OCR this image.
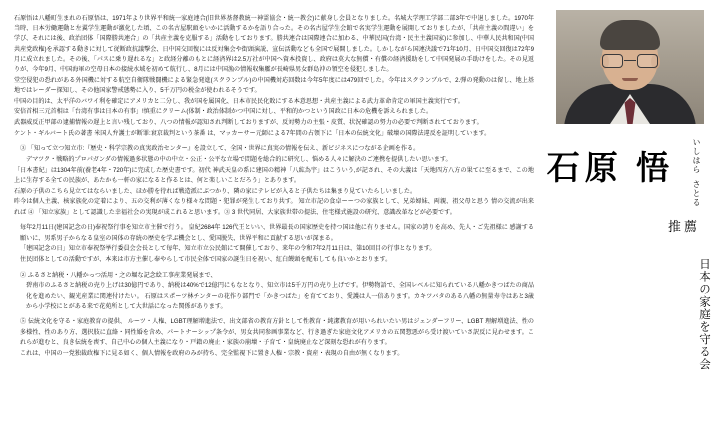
石原悟は八幡町生まれの石原悟は、1971年より世界平和統一家庭連合(旧世界基督教統一神霊協会・統一教会)に献身し会員となりました。名城大学理工学部二部3年で中退しました。1970年当時、日本労働運動と左翼学生運動が激化した頃、この名古屋駅頭をいかに活動するかを語り合った。その名古屋学生会館で名実学生運動を展開しておりましたが、「共産主義の間違い」を学び、それには後、政治団体「国際勝共連合」の「共産主義を克服する」活動をしております。勝共連合は国際連合に加わる、中華民国(台湾・民主主義国家)に参加し、中華人民共和国(中国共産党政権)を承認する動きに対して従断政抗議撃会、日中国交回復には反対集会や街頭演説、宣伝活動なども全国で展開しました。しかしながら国連決議で71年10月、日中国交回復は72年9月に成立れました。その後、「パスに乗り遅れるな」と政経分離のもとに経済界は2.5万社が中国へ資本投資し、政府は莫大な無償・有償の経済援助をして中国発展の手助けをした。その見返りが、今年9月、中国海軍の空母日本の接続水域を初めて航行し、8月には中国漁の情報収集艦が長崎県男女群島沖の領空を侵犯しました。

堂空侵犯の恐れがある外国機に対する航空自衛隊戦闘機による緊急発進(スクランブル)の中国機対応回数は今年5年度には479回でした。今年はスクランブルで、2.弾の発動のは留し、地上基地ではレーダー探知し、その他国家警戒態勢に入り、5千万円の税金が使われるそうです。

中国の目的は、太平洋のバワイ利を確定にアメリカと二分し、我が国を属国化、日本市民民化敗にする本意思想・共産主義による武力革命肯定の軍国主義実行です。

安倍首相三元首相は「台湾有事は日本の有事」!慎重にクリーム(体制・政治体制かつ中国に対し、平和的かつという国政に日本の危機を訴えられました。

武器威反正甲部の逮捕情報の遅上と言い残しており、八つの情報が認知され判断しておりますが、反対勢力の主張・皮質、状況確認の努力の必要で判断されてております。

ケント・ギルバート氏の著書 米国人弁護士が断罪:衰京裁判という茶番 は、マッカーサー元師による7年間の占領下に「日本の伝統文化」破壊の国際法違反を証明しています。

③ 「知って立つ知立市:『歴史・科学宗教の真実政治センター』を設立して、全国・世界に真実の情報を伝え、新ビジネスにつながる企画を作る。

デマツク・戦略的プロパガンダの情報過多状態の中の中立・公正・公平な立場で問題を総合的に研究し、悩める人々に解決のご連携を提供したい思います。

「日本書紀」は1304年前(養老4年・720年)に完成した歴史書です。初代 神武天皇の系に建国の精神「八紘為宇」はこういう,が記され、その大義は「天地四方八方の果てに至るまで、この地上に生存する全ての民族が、あたかも一軒の家になると作るとは、何と楽しいことだろう」とあります。

石原の子供のこちら見立てはならいました、ほか勝を待れば戦造派にぶつかり、隣の家にテレビが入ると子供たちは集まり見ていたらしいました。

昨今は個人主義、核家族化の定着により、五の交利が薄くなり様々な問題・犯罪が発生しており共す。 知立市記の食卓ーーつの家族として、兄弟婦妹、両親、祖父母と思う 情の交流が出来れば ④ 「知立家族」として認識した幸福社会の実現が成これると思います。③ 3 世代同居、大家族世帯の提法、住宅様式施設の研究、意識改革などが必要です。

毎年2月11日(建国記念の日)奉祝祭行事を知立市主催で行う。 皇紀2684年 126代王といい、世界最長の国家歴史を持つ国は他に有りません。国家の誇りを高め、先人・ご先祖様に 感謝する願いに、男系男子からなる皇室の国体の存続の歴史を学ぶ機会とし、愛国脱失、世界平和に貢献する思いが深まる。

「建国記念の日」知立市奉祝祭挙行委員会会長として毎年、知立市立公民館にて開催しており、来年の令和7年2月11日は、第10回目の行事となります。

住民団体としての活動ですが、本来は市方主催し奉やらして市民全体で国家の誕生日を祝い、紅白饅頭を配布しても良いかとおります。

② ふるさと納税・八幡かっつ活用・之の堀な記念絵工事産業発展まで、

碧南市のふるさと納税の売り上げは30億円であり、納税は40%で12億円にもなとなり、知立市は5千万円の売り上げです。伊勢物語で、全国レベルに知られている八幡かきつばたの商品化を進めたい、観光産業に関連付けたい。 石原はスポーツ林チンターの花作り部門で「かきつばた」を育てており、愛護は人一倍あります。カキツバタのある八幡の無量寿寺はあと3歳から小学校にとがある来で花苑所として大世話になった関係があります。

⑤ 伝統文化を守る・家庭教育の提供、 ルーツ・人権、LGBT理解増進法で、出文部省の教育方針として性教育・純潔教育が用いられいたい男はジェンダーフリー、LGBT 理解増進法、性の多様性、性のあり方、選択肢に直絡・同性婚を含め、パートナーシップ条令が、男女共同参画事業など、行き過ぎた家庭文化アメリカの五関惣悪がら受け渡いていさ訳反に見わせます。これらが進むと、良き伝統を喪す、自己中心の個人主義になり・戸籍の廃止・家族の崩壊・子育て・皇統廃止など深刻な恐れが有ります。

これは、中国の一党独裁政権下に見る如く、個人情報を政府のみが持ち、完全監視下に置き人権・宗教・資産・表現の自由が無くなります。

石原 悟 いしはら
さとる
推薦
日本の家庭を守る会
